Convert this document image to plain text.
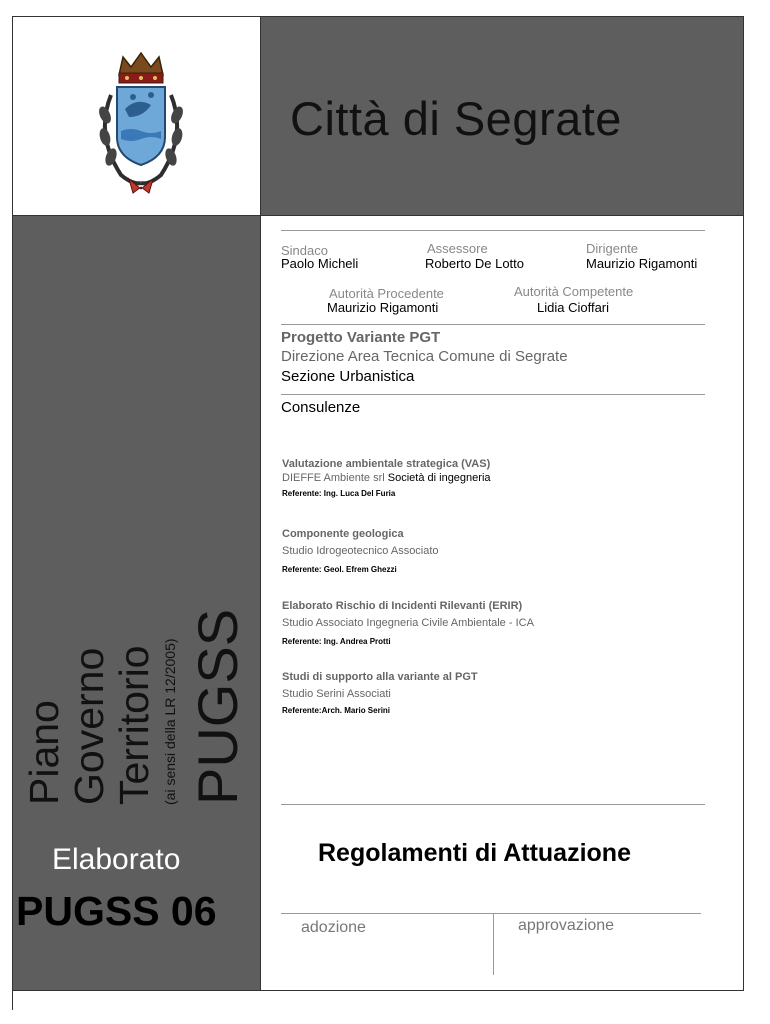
Città di Segrate
Piano Governo Territorio (ai sensi della LR 12/2005) PUGSS
Elaborato
PUGSS 06
Sindaco
Paolo Micheli
Assessore
Roberto De Lotto
Dirigente
Maurizio Rigamonti
Autorità Procedente
Maurizio Rigamonti
Autorità Competente
Lidia Cioffari
Progetto Variante PGT
Direzione Area Tecnica Comune di Segrate
Sezione Urbanistica
Consulenze
Valutazione ambientale strategica (VAS)
DIEFFE Ambiente srl Società di ingegneria
Referente: Ing. Luca Del Furia
Componente geologica
Studio Idrogeotecnico Associato
Referente: Geol. Efrem Ghezzi
Elaborato Rischio di Incidenti Rilevanti (ERIR)
Studio Associato Ingegneria Civile Ambientale - ICA
Referente: Ing. Andrea Protti
Studi di supporto alla variante al PGT
Studio Serini Associati
Referente:Arch. Mario Serini
Regolamenti di Attuazione
adozione	approvazione
